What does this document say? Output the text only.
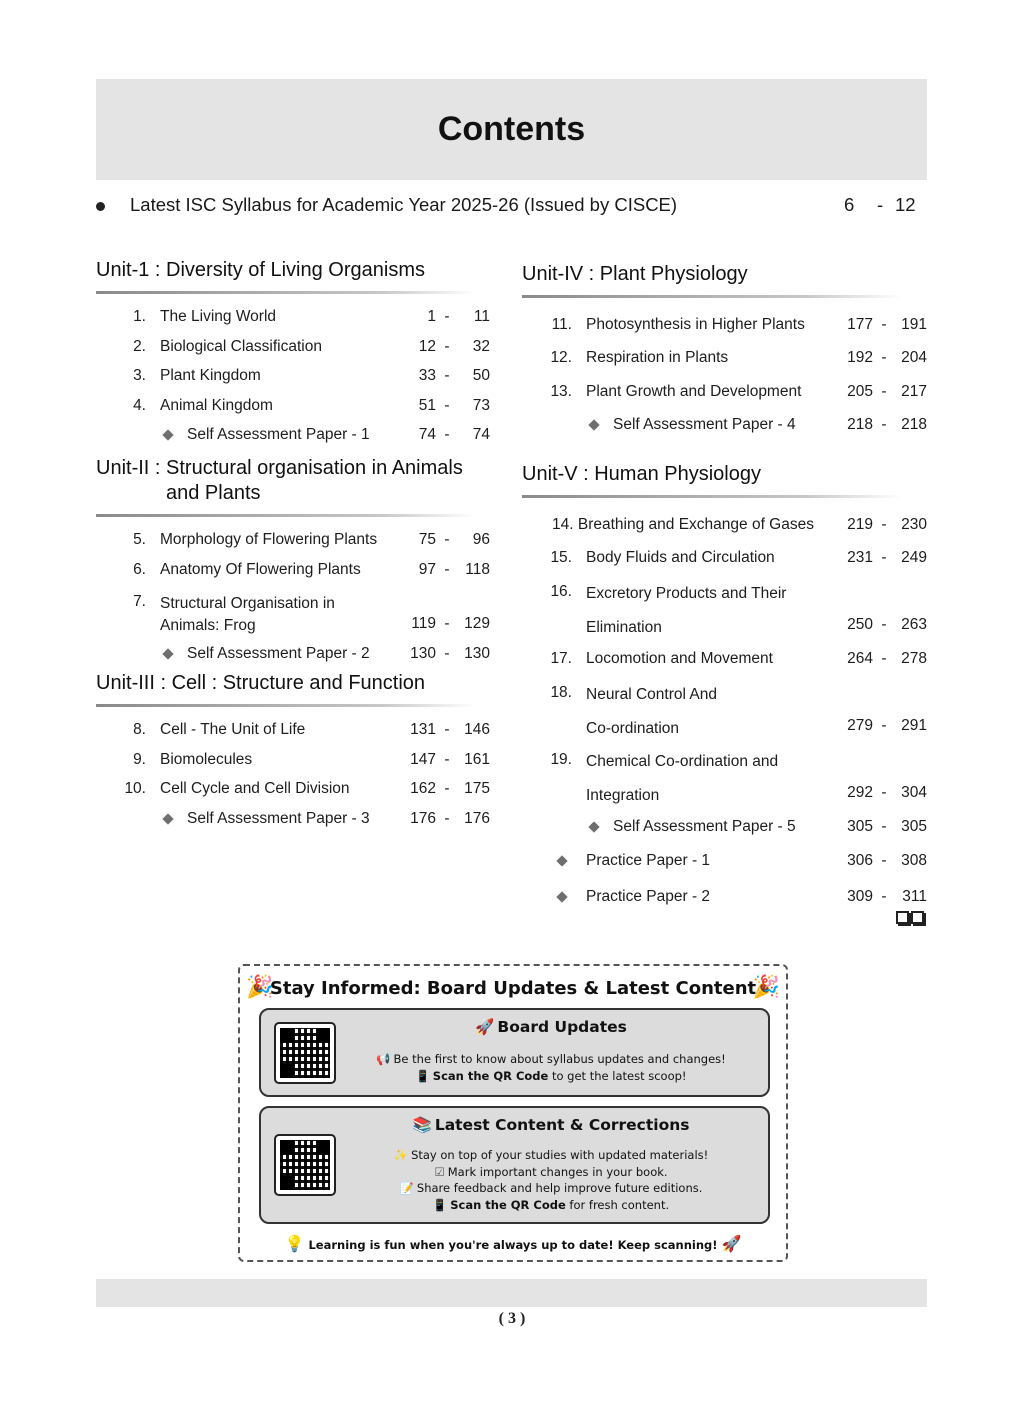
Contents
Latest ISC Syllabus for Academic Year 2025-26 (Issued by CISCE)	6 - 12
Unit-1 : Diversity of Living Organisms
1. The Living World	1 - 11
2. Biological Classification	12 - 32
3. Plant Kingdom	33 - 50
4. Animal Kingdom	51 - 73
Self Assessment Paper - 1	74 - 74
Unit-II : Structural organisation in Animals
and Plants
5. Morphology of Flowering Plants	75 - 96
6. Anatomy Of Flowering Plants	97 - 118
7. Structural Organisation in
Animals: Frog	119 - 129
Self Assessment Paper - 2	130 - 130
Unit-III : Cell : Structure and Function
8. Cell - The Unit of Life	131 - 146
9. Biomolecules	147 - 161
10. Cell Cycle and Cell Division	162 - 175
Self Assessment Paper - 3	176 - 176
Unit-IV : Plant Physiology
11. Photosynthesis in Higher Plants	177 - 191
12. Respiration in Plants	192 - 204
13. Plant Growth and Development	205 - 217
Self Assessment Paper - 4	218 - 218
Unit-V : Human Physiology
14. Breathing and Exchange of Gases	219 - 230
15. Body Fluids and Circulation	231 - 249
16. Excretory Products and Their
Elimination	250 - 263
17. Locomotion and Movement	264 - 278
18. Neural Control And
Co-ordination	279 - 291
19. Chemical Co-ordination and
Integration	292 - 304
Self Assessment Paper - 5	305 - 305
Practice Paper - 1	306 - 308
Practice Paper - 2	309 - 311
🎉	🎉
Stay Informed: Board Updates & Latest Content
🚀 Board Updates
📢 Be the first to know about syllabus updates and changes!
📱 Scan the QR Code to get the latest scoop!
📚 Latest Content & Corrections
✨ Stay on top of your studies with updated materials!
☑ Mark important changes in your book.
📝 Share feedback and help improve future editions.
📱 Scan the QR Code for fresh content.
💡 Learning is fun when you're always up to date! Keep scanning! 🚀
( 3 )
